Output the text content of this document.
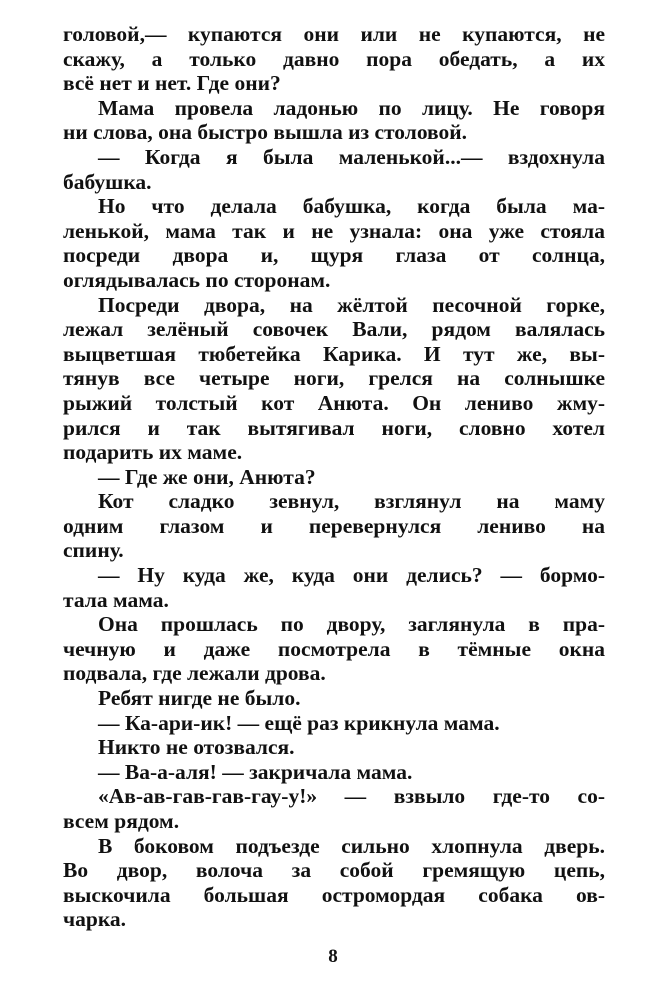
головой,— купаются они или не купаются, не
скажу, а только давно пора обедать, а их
всё нет и нет. Где они?
Мама провела ладонью по лицу. Не говоря
ни слова, она быстро вышла из столовой.
— Когда я была маленькой...— вздохнула
бабушка.
Но что делала бабушка, когда была ма-
ленькой, мама так и не узнала: она уже стояла
посреди двора и, щуря глаза от солнца,
оглядывалась по сторонам.
Посреди двора, на жёлтой песочной горке,
лежал зелёный совочек Вали, рядом валялась
выцветшая тюбетейка Карика. И тут же, вы-
тянув все четыре ноги, грелся на солнышке
рыжий толстый кот Анюта. Он лениво жму-
рился и так вытягивал ноги, словно хотел
подарить их маме.
— Где же они, Анюта?
Кот сладко зевнул, взглянул на маму
одним глазом и перевернулся лениво на
спину.
— Ну куда же, куда они делись? — бормо-
тала мама.
Она прошлась по двору, заглянула в пра-
чечную и даже посмотрела в тёмные окна
подвала, где лежали дрова.
Ребят нигде не было.
— Ка-ари-ик! — ещё раз крикнула мама.
Никто не отозвался.
— Ва-а-аля! — закричала мама.
«Ав-ав-гав-гав-гау-у!» — взвыло где-то со-
всем рядом.
В боковом подъезде сильно хлопнула дверь.
Во двор, волоча за собой гремящую цепь,
выскочила большая остромордая собака ов-
чарка.
8
